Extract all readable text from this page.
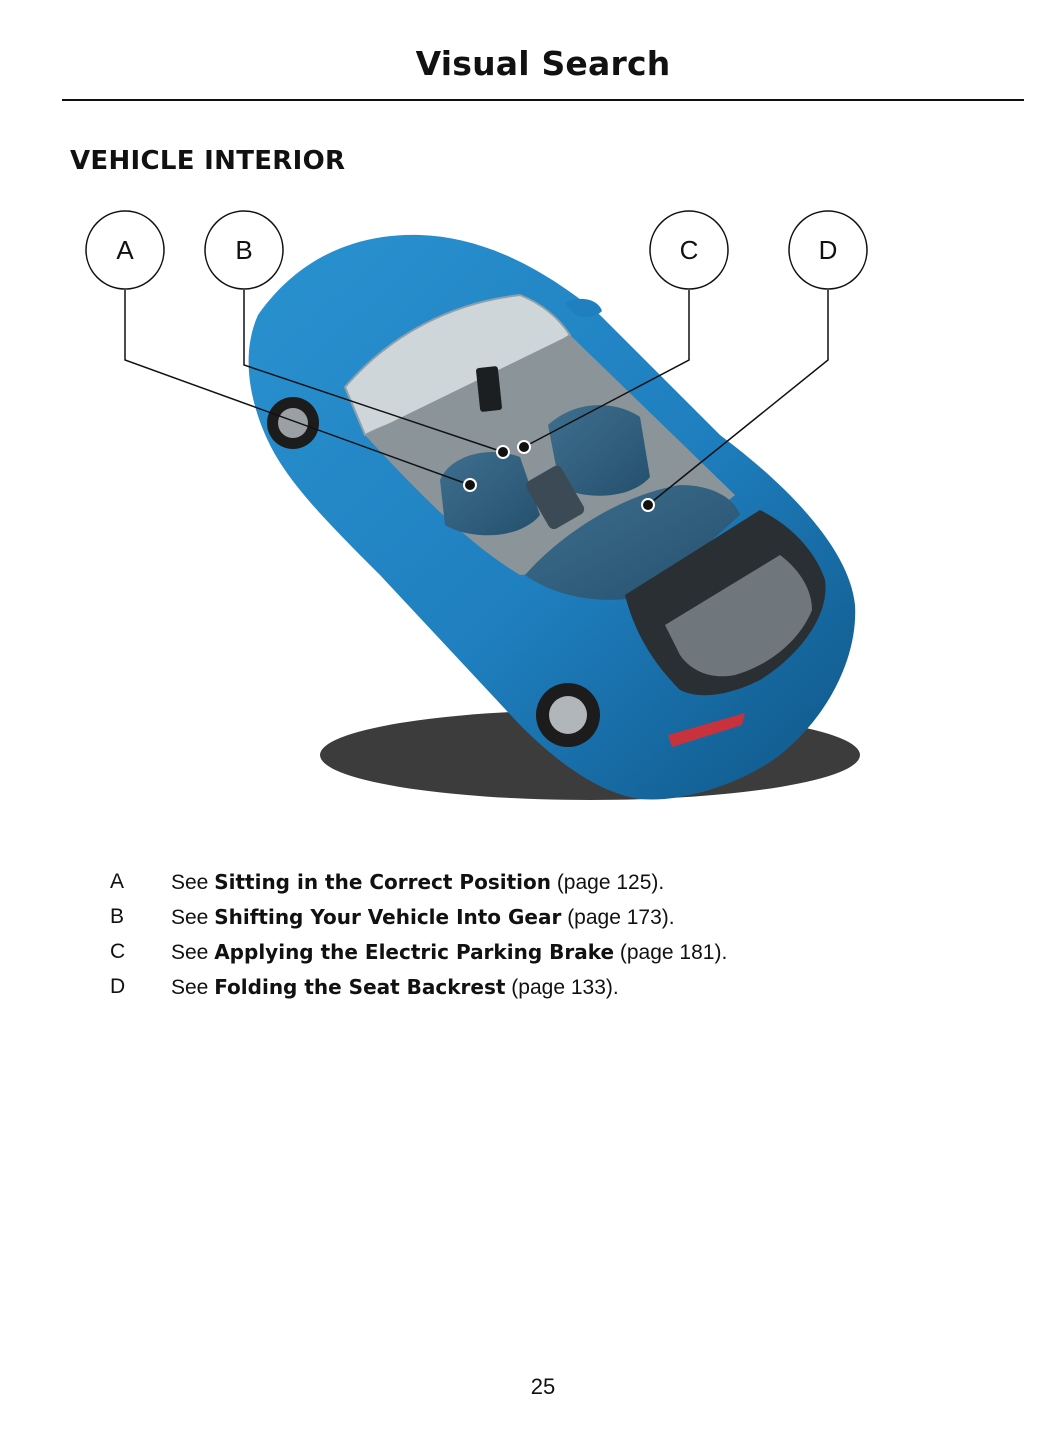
Visual Search
VEHICLE INTERIOR
A	B	C	D
A See Sitting in the Correct Position (page 125).
B See Shifting Your Vehicle Into Gear (page 173).
C See Applying the Electric Parking Brake (page 181).
D See Folding the Seat Backrest (page 133).
25
